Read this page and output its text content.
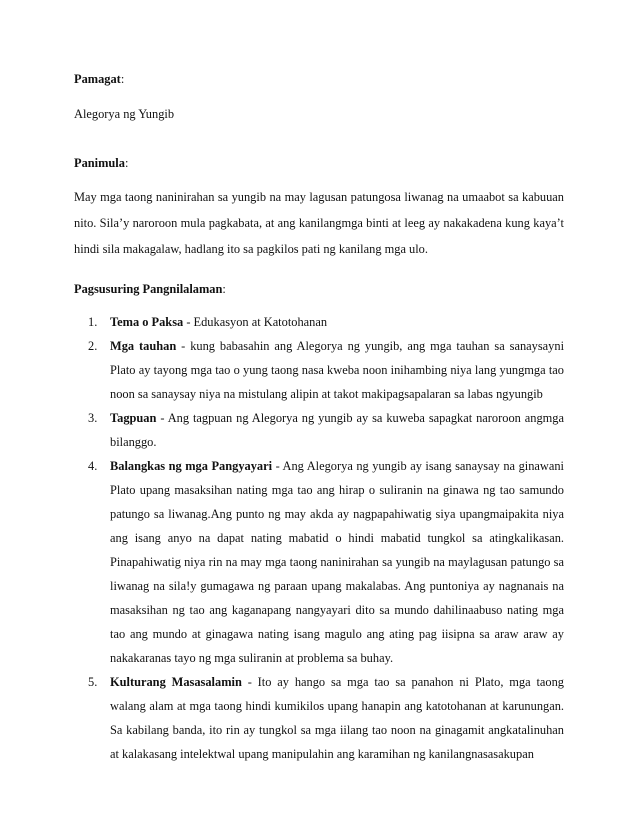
Pamagat:
Alegorya ng Yungib
Panimula:

May mga taong naninirahan sa yungib na may lagusan patungosa liwanag na umaabot sa kabuuan nito. Sila’y naroroon mula pagkabata, at ang kanilangmga binti at leeg ay nakakadena kung kaya’t hindi sila makagalaw, hadlang ito sa pagkilos pati ng kanilang mga ulo.

Pagsusuring Pangnilalaman:
1. Tema o Paksa - Edukasyon at Katotohanan
2. Mga tauhan - kung babasahin ang Alegorya ng yungib, ang mga tauhan sa sanaysayni Plato ay tayong mga tao o yung taong nasa kweba noon inihambing niya lang yungmga tao noon sa sanaysay niya na mistulang alipin at takot makipagsapalaran sa labas ngyungib
3. Tagpuan - Ang tagpuan ng Alegorya ng yungib ay sa kuweba sapagkat naroroon angmga bilanggo.
4. Balangkas ng mga Pangyayari - Ang Alegorya ng yungib ay isang sanaysay na ginawani Plato upang masaksihan nating mga tao ang hirap o suliranin na ginawa ng tao samundo patungo sa liwanag.Ang punto ng may akda ay nagpapahiwatig siya upangmaipakita niya ang isang anyo na dapat nating mabatid o hindi mabatid tungkol sa atingkalikasan. Pinapahiwatig niya rin na may mga taong naninirahan sa yungib na maylagusan patungo sa liwanag na sila!y gumagawa ng paraan upang makalabas. Ang puntoniya ay nagnanais na masaksihan ng tao ang kaganapang nangyayari dito sa mundo dahilinaabuso nating mga tao ang mundo at ginagawa nating isang magulo ang ating pag iisipna sa araw araw ay nakakaranas tayo ng mga suliranin at problema sa buhay.
5. Kulturang Masasalamin - Ito ay hango sa mga tao sa panahon ni Plato, mga taong walang alam at mga taong hindi kumikilos upang hanapin ang katotohanan at karunungan. Sa kabilang banda, ito rin ay tungkol sa mga iilang tao noon na ginagamit angkatalinuhan at kalakasang intelektwal upang manipulahin ang karamihan ng kanilangnasasakupan
